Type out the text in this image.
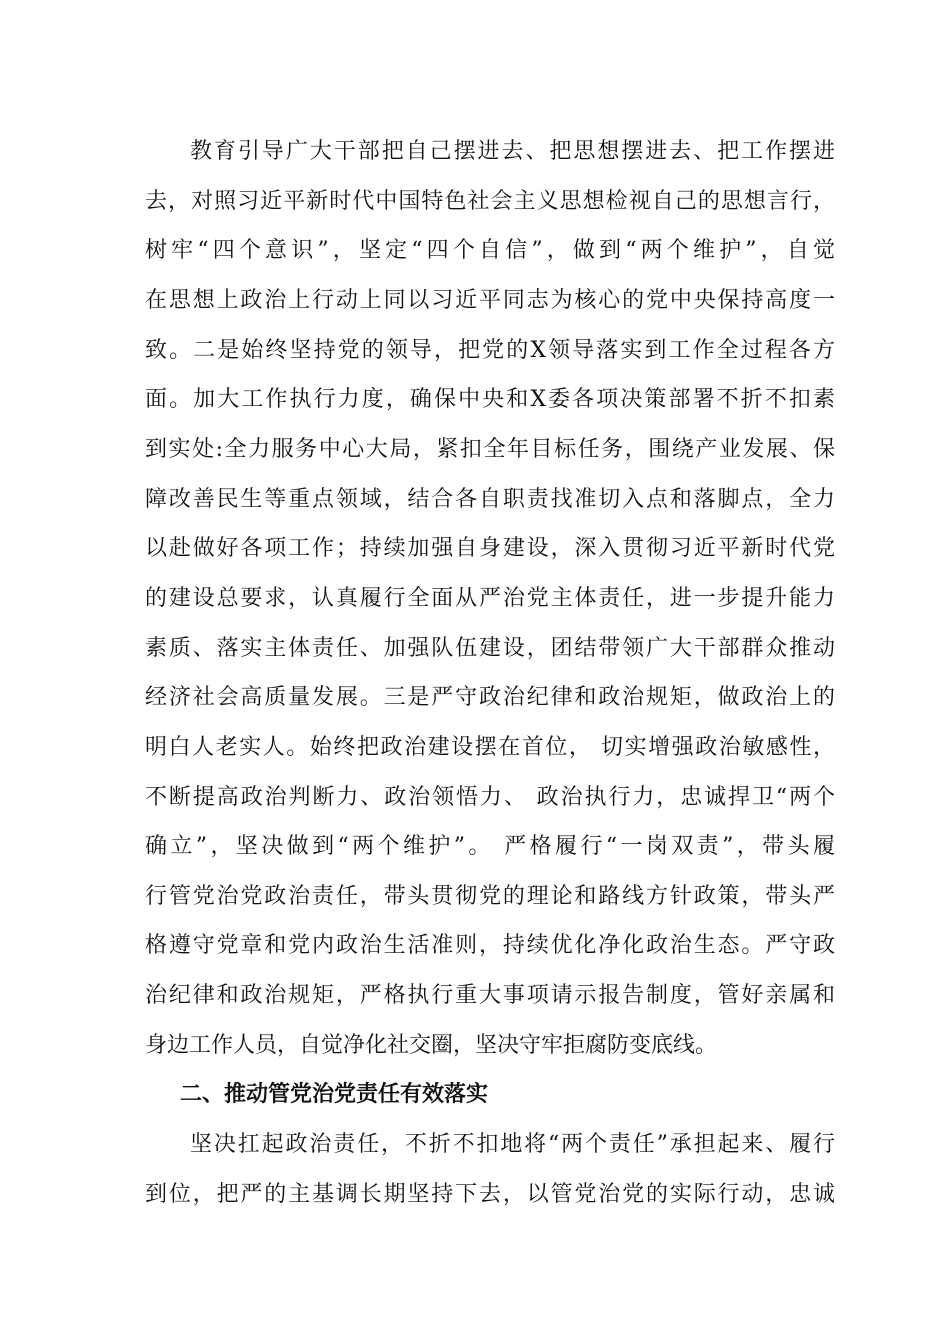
教育引导广大干部把自己摆进去、把思想摆进去、把工作摆进
去，对照习近平新时代中国特色社会主义思想检视自己的思想言行，
树牢“四个意识”，坚定“四个自信”，做到“两个维护”，自觉
在思想上政治上行动上同以习近平同志为核心的党中央保持高度一
致。二是始终坚持党的领导，把党的X领导落实到工作全过程各方
面。加大工作执行力度，确保中央和X委各项决策部署不折不扣素
到实处:全力服务中心大局，紧扣全年目标任务，围绕产业发展、保
障改善民生等重点领域，结合各自职责找准切入点和落脚点，全力
以赴做好各项工作；持续加强自身建设，深入贯彻习近平新时代党
的建设总要求，认真履行全面从严治党主体责任，进一步提升能力
素质、落实主体责任、加强队伍建设，团结带领广大干部群众推动
经济社会高质量发展。三是严守政治纪律和政治规矩，做政治上的
明白人老实人。始终把政治建设摆在首位， 切实增强政治敏感性，
不断提高政治判断力、政治领悟力、 政治执行力，忠诚捍卫“两个
确立”，坚决做到“两个维护”。 严格履行“一岗双责”，带头履
行管党治党政治责任，带头贯彻党的理论和路线方针政策，带头严
格遵守党章和党内政治生活准则，持续优化净化政治生态。严守政
治纪律和政治规矩，严格执行重大事项请示报告制度，管好亲属和
身边工作人员，自觉净化社交圈，坚决守牢拒腐防变底线。
二、推动管党治党责任有效落实
坚决扛起政治责任，不折不扣地将“两个责任”承担起来、履行
到位，把严的主基调长期坚持下去，以管党治党的实际行动，忠诚
